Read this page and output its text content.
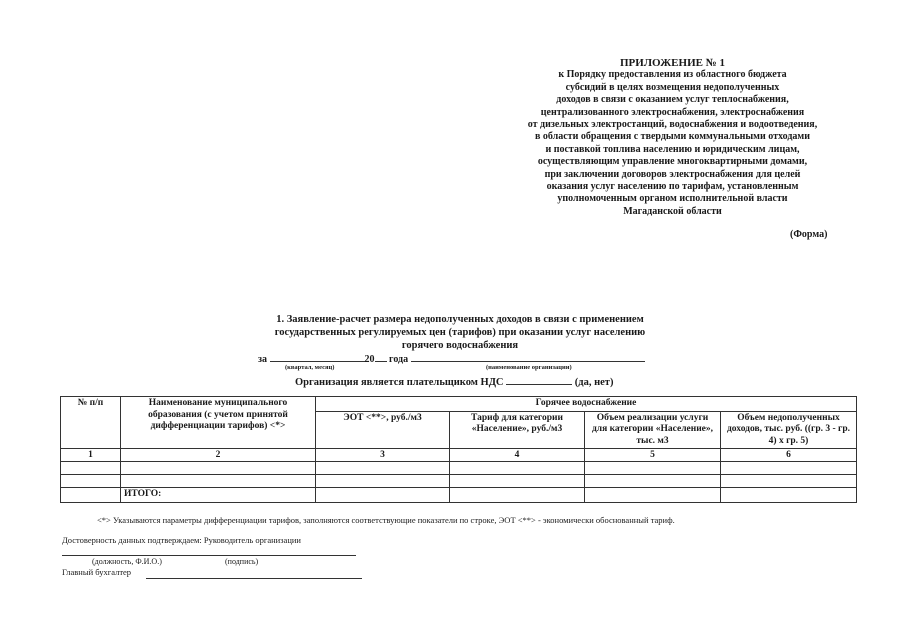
ПРИЛОЖЕНИЕ № 1
к Порядку предоставления из областного бюджета
субсидий в целях возмещения недополученных
доходов в связи с оказанием услуг теплоснабжения,
централизованного электроснабжения, электроснабжения
от дизельных электростанций, водоснабжения и водоотведения,
в области обращения с твердыми коммунальными отходами
и поставкой топлива населению и юридическим лицам,
осуществляющим управление многоквартирными домами,
при заключении договоров электроснабжения для целей
оказания услуг населению по тарифам, установленным
уполномоченным органом исполнительной власти
Магаданской области
(Форма)
1. Заявление-расчет размера недополученных доходов в связи с применением
государственных регулируемых цен (тарифов) при оказании услуг населению
горячего водоснабжения
за	20 года
(квартал, месяц)	(наименование организации)
Организация является плательщиком НДС	(да, нет)
№ п/п	Наименование муниципального образования (с учетом принятой дифференциации тарифов) <*>	Горячее водоснабжение			
		ЭОТ <**>, руб./м3	Тариф для категории «Население», руб./м3	Объем реализации услуги для категории «Население», тыс. м3	Объем недополученных доходов, тыс. руб. ((гр. 3 - гр. 4) x гр. 5)
1	2	3	4	5	6

	ИТОГО:				
<*> Указываются параметры дифференциации тарифов, заполняются соответствующие показатели по строке, ЭОТ <**> - экономически обоснованный тариф.
Достоверность данных подтверждаем: Руководитель организации
(должность, Ф.И.О.)	(подпись)
Главный бухгалтер
